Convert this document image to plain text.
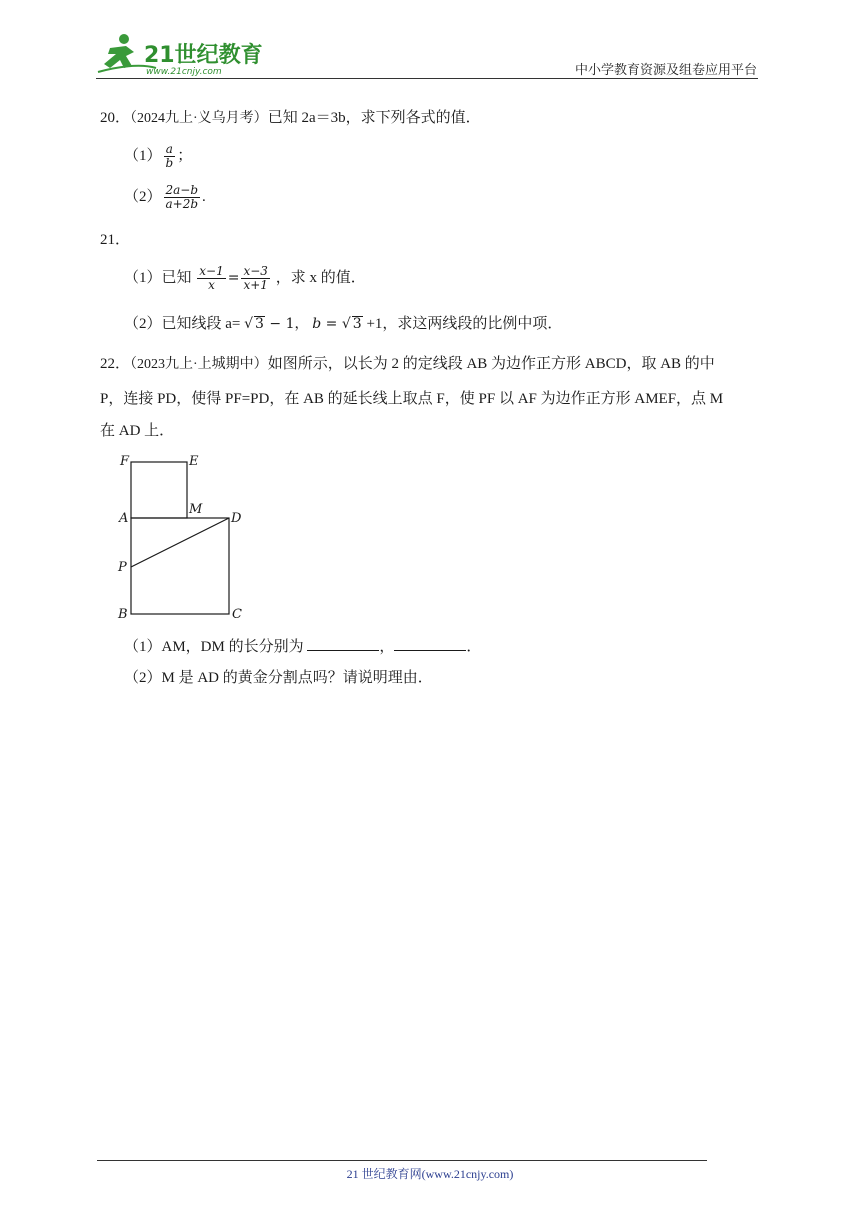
21世纪教育
www.21cnjy.com	中小学教育资源及组卷应用平台
20．（2024九上·义乌月考）已知 2a＝3b，求下列各式的值．
$(1) \frac{a}{b}$ ；
$(2) \frac{2a-b}{a+2b}$ .
21．
（1）已知 $\frac{x-1}{x} = \frac{x-3}{x+1}$ ，求 x 的值．
（2）已知线段 a= √ 3 − 1， b = √ 3 +1，求这两线段的比例中项．
22．（2023九上·上城期中）如图所示，以长为 2 的定线段 AB 为边作正方形 ABCD，取 AB 的中
P，连接 PD，使得 PF=PD，在 AB 的延长线上取点 F，使 PF 以 AF 为边作正方形 AMEF，点 M
在 AD 上．
F	E
A
M
D
P
B	C
（1）AM，DM 的长分别为	，	．
（2）M 是 AD 的黄金分割点吗？请说明理由．
21 世纪教育网(www.21cnjy.com)
